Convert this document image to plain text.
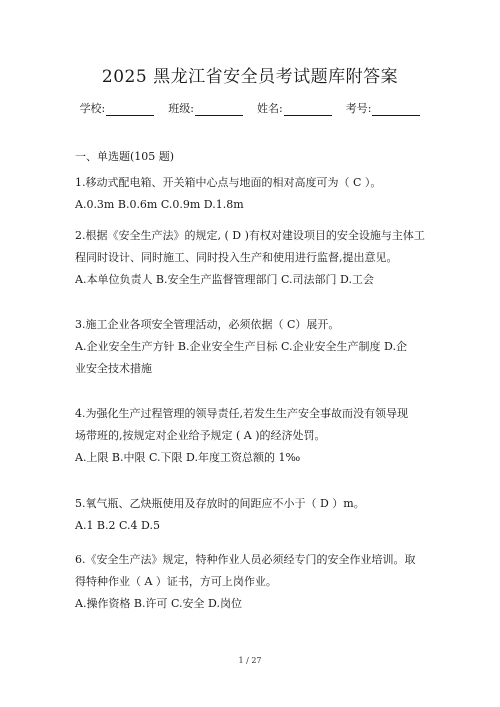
2025 黑龙江省安全员考试题库附答案
学校:	班级:	姓名:	考号:

一、单选题(105 题)

1.移动式配电箱、开关箱中心点与地面的相对高度可为（ C ）。

A.0.3m B.0.6m C.0.9m D.1.8m

2.根据《安全生产法》的规定, ( D )有权对建设项目的安全设施与主体工

程同时设计、同时施工、同时投入生产和使用进行监督,提出意见。

A.本单位负责人 B.安全生产监督管理部门 C.司法部门 D.工会

3.施工企业各项安全管理活动，必须依据（ C）展开。

A.企业安全生产方针 B.企业安全生产目标 C.企业安全生产制度 D.企

业安全技术措施

4.为强化生产过程管理的领导责任,若发生生产安全事故而没有领导现

场带班的,按规定对企业给予规定 ( A )的经济处罚。

A.上限 B.中限 C.下限 D.年度工资总额的 1‰

5.氧气瓶、乙炔瓶使用及存放时的间距应不小于（ D ）m。

A.1 B.2 C.4 D.5

6.《安全生产法》规定，特种作业人员必须经专门的安全作业培训。取

得特种作业（ A ）证书，方可上岗作业。

A.操作资格 B.许可 C.安全 D.岗位

1 / 27
